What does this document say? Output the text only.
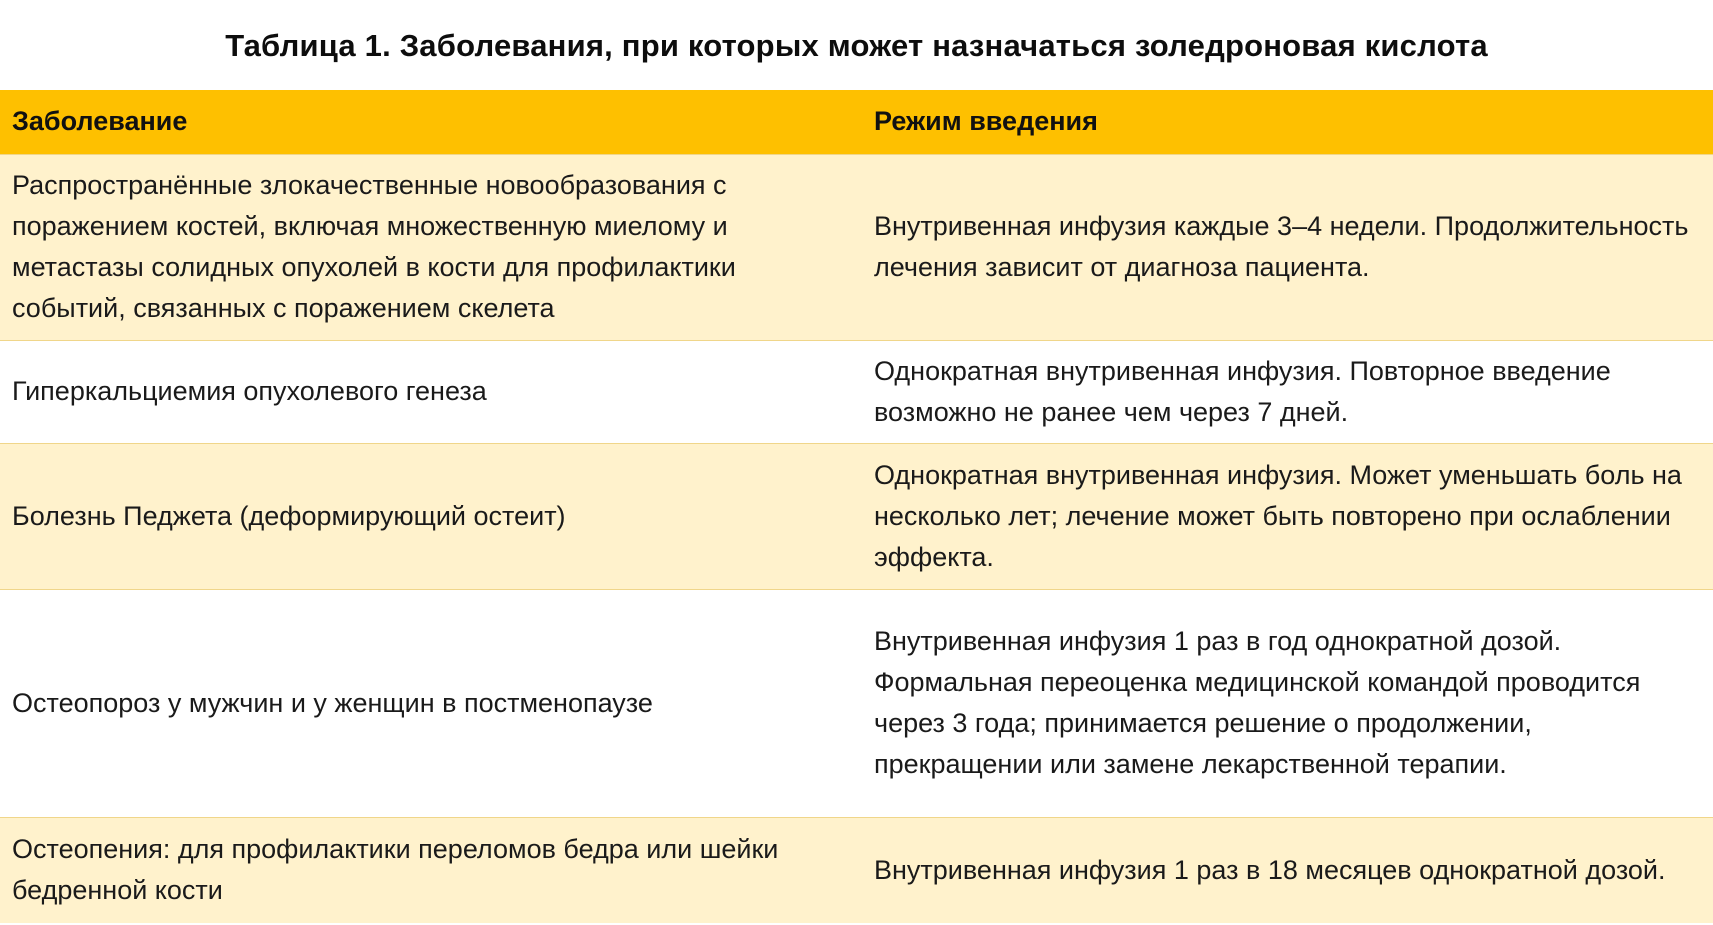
Таблица 1. Заболевания, при которых может назначаться золедроновая кислота
Заболевание	Режим введения
Распространённые злокачественные новообразования с поражением костей, включая множественную миелому и метастазы солидных опухолей в кости для профилактики событий, связанных с поражением скелета	Внутривенная инфузия каждые 3–4 недели. Продолжительность лечения зависит от диагноза пациента.
Гиперкальциемия опухолевого генеза	Однократная внутривенная инфузия. Повторное введение возможно не ранее чем через 7 дней.
Болезнь Педжета (деформирующий остеит)	Однократная внутривенная инфузия. Может уменьшать боль на несколько лет; лечение может быть повторено при ослаблении эффекта.
Остеопороз у мужчин и у женщин в постменопаузе	Внутривенная инфузия 1 раз в год однократной дозой. Формальная переоценка медицинской командой проводится через 3 года; принимается решение о продолжении, прекращении или замене лекарственной терапии.
Остеопения: для профилактики переломов бедра или шейки бедренной кости	Внутривенная инфузия 1 раз в 18 месяцев однократной дозой.
